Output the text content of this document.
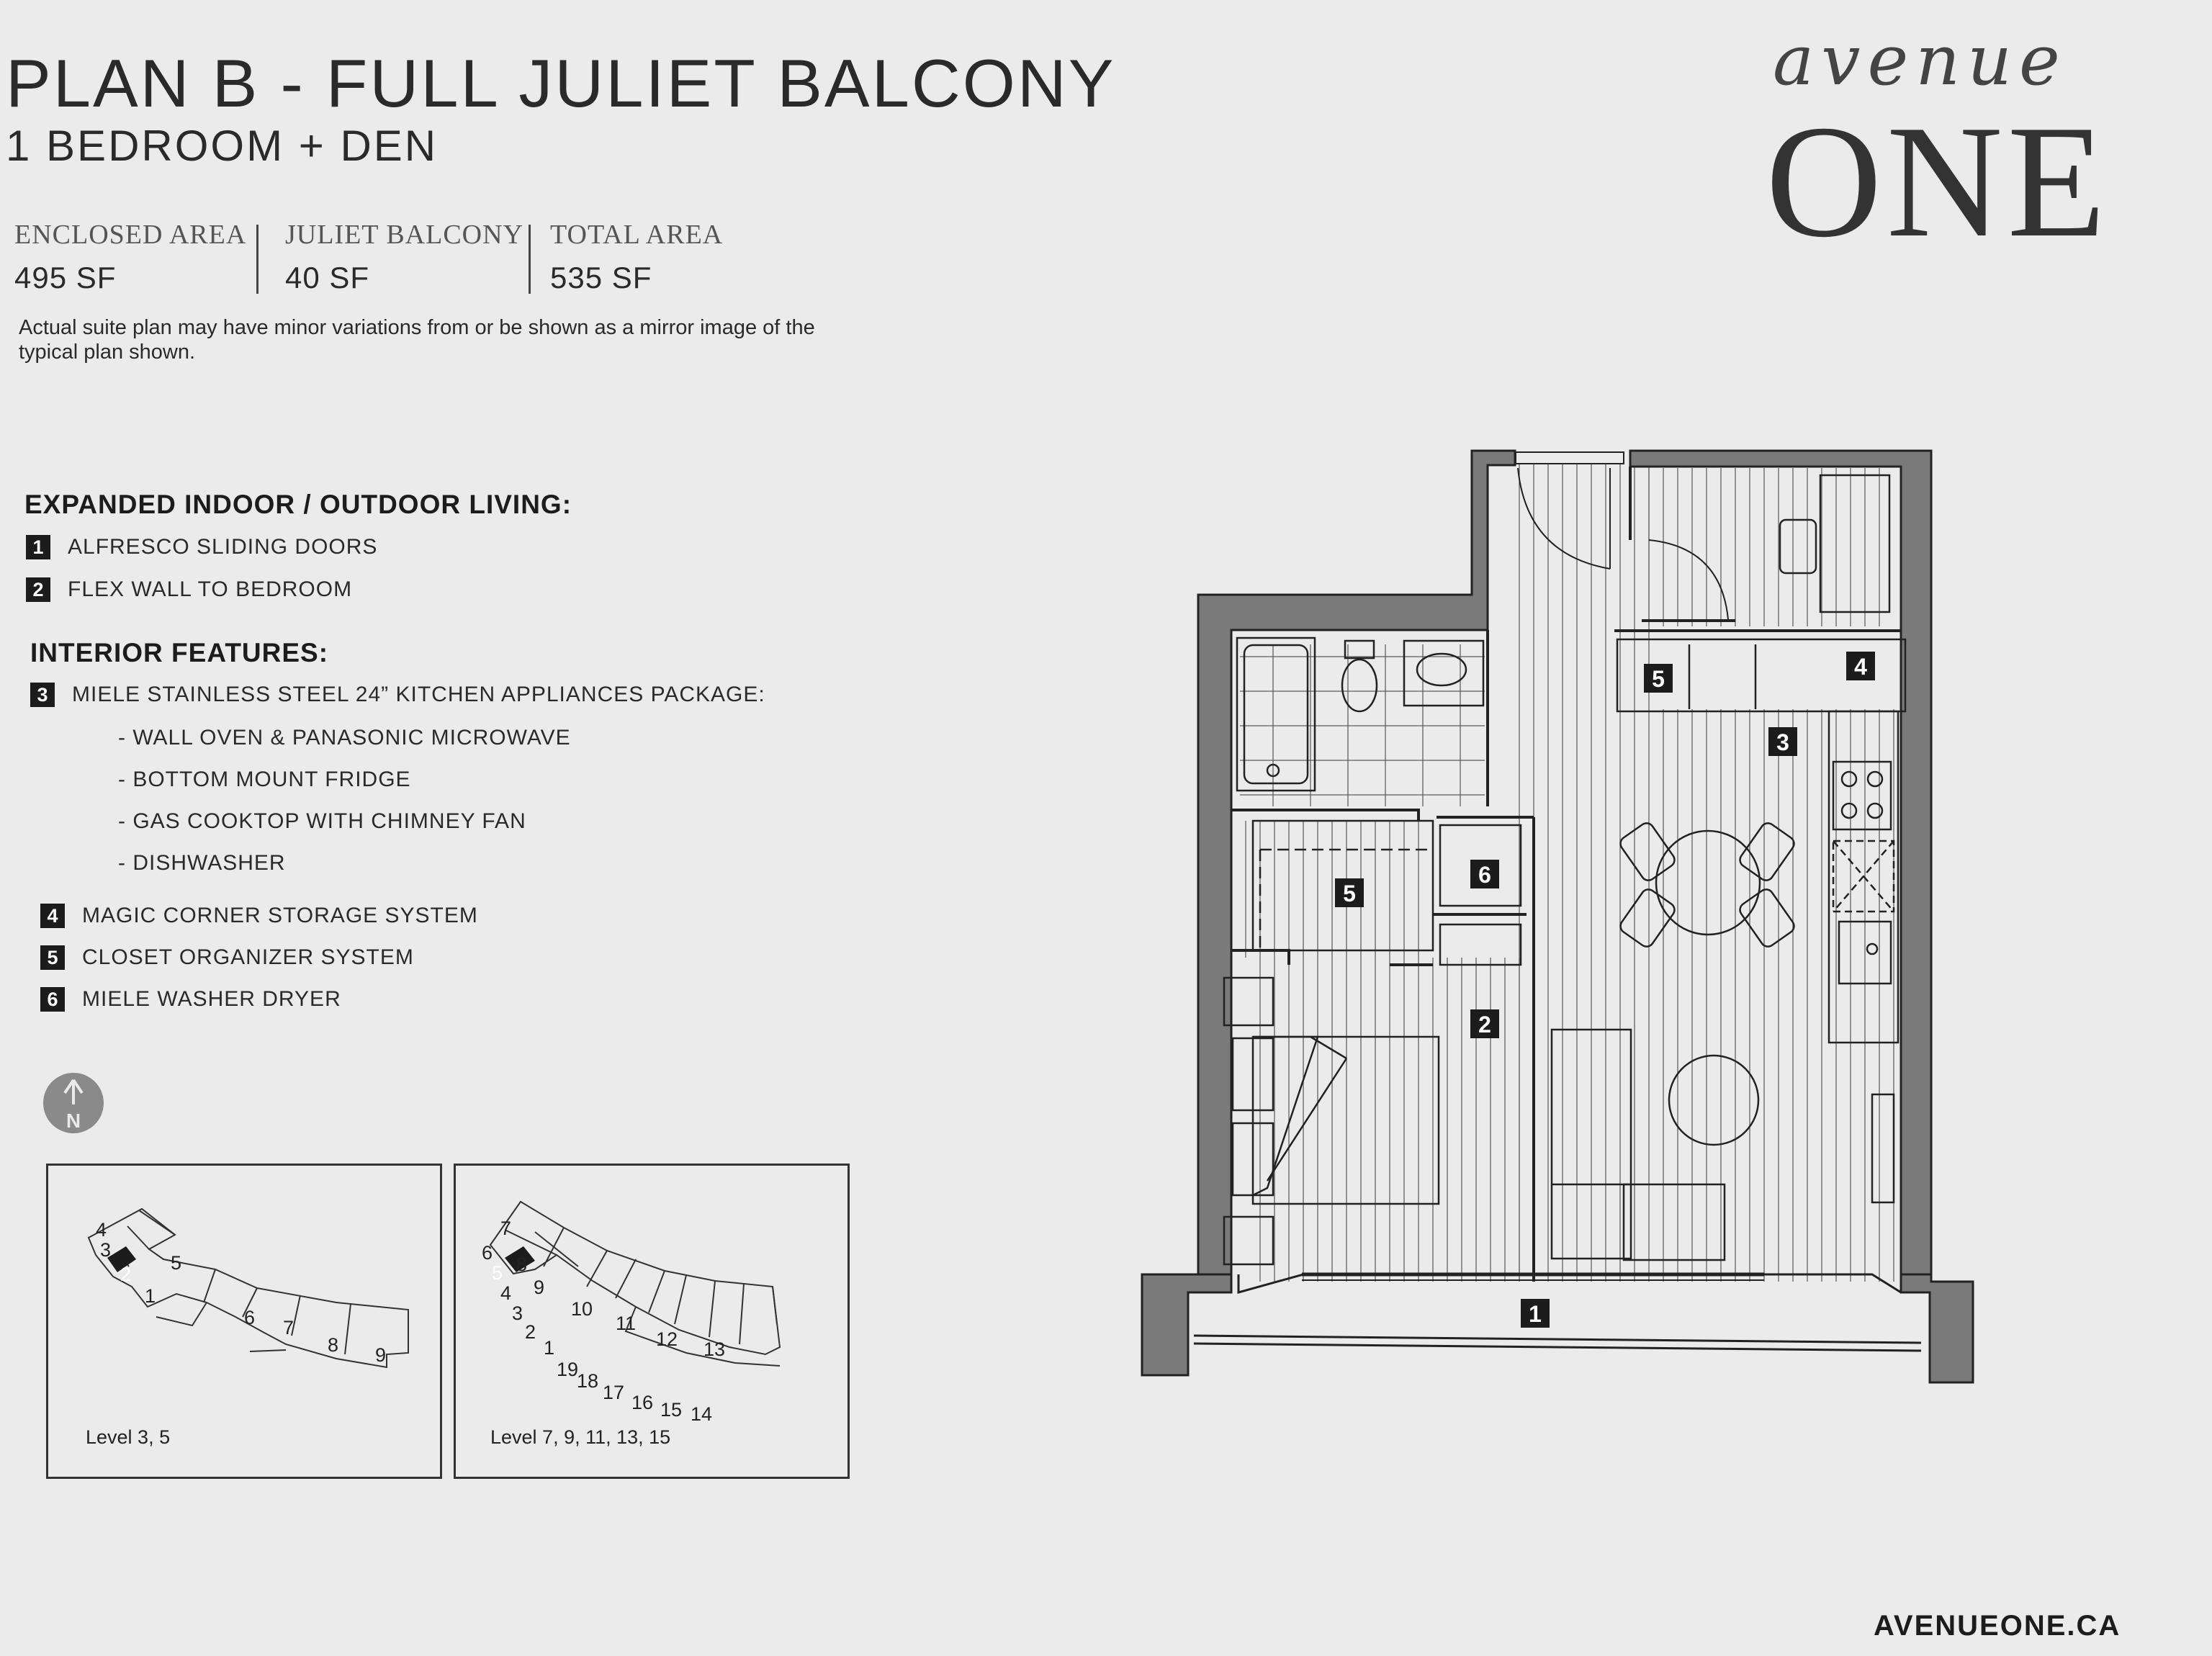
PLAN B - FULL JULIET BALCONY
1 BEDROOM + DEN
ENCLOSED AREA
495 SF
JULIET BALCONY
40 SF
TOTAL AREA
535 SF
Actual suite plan may have minor variations from or be shown as a mirror image of the typical plan shown.
EXPANDED INDOOR / OUTDOOR LIVING:
1	ALFRESCO SLIDING DOORS
2	FLEX WALL TO BEDROOM
INTERIOR FEATURES:
3	MIELE STAINLESS STEEL 24” KITCHEN APPLIANCES PACKAGE:
- WALL OVEN & PANASONIC MICROWAVE
- BOTTOM MOUNT FRIDGE
- GAS COOKTOP WITH CHIMNEY FAN
- DISHWASHER
4	MAGIC CORNER STORAGE SYSTEM
5	CLOSET ORGANIZER SYSTEM
6	MIELE WASHER DRYER
N
4
3
5
2
1
6 7
8 9
Level 3, 5
7
6
8
5
9
4
3 10
11
2	12
1	13
19
18
17 16 15 14
Level 7, 9, 11, 13, 15
avenue
ONE
1
2
3
4
5
5
6
AVENUEONE.CA
